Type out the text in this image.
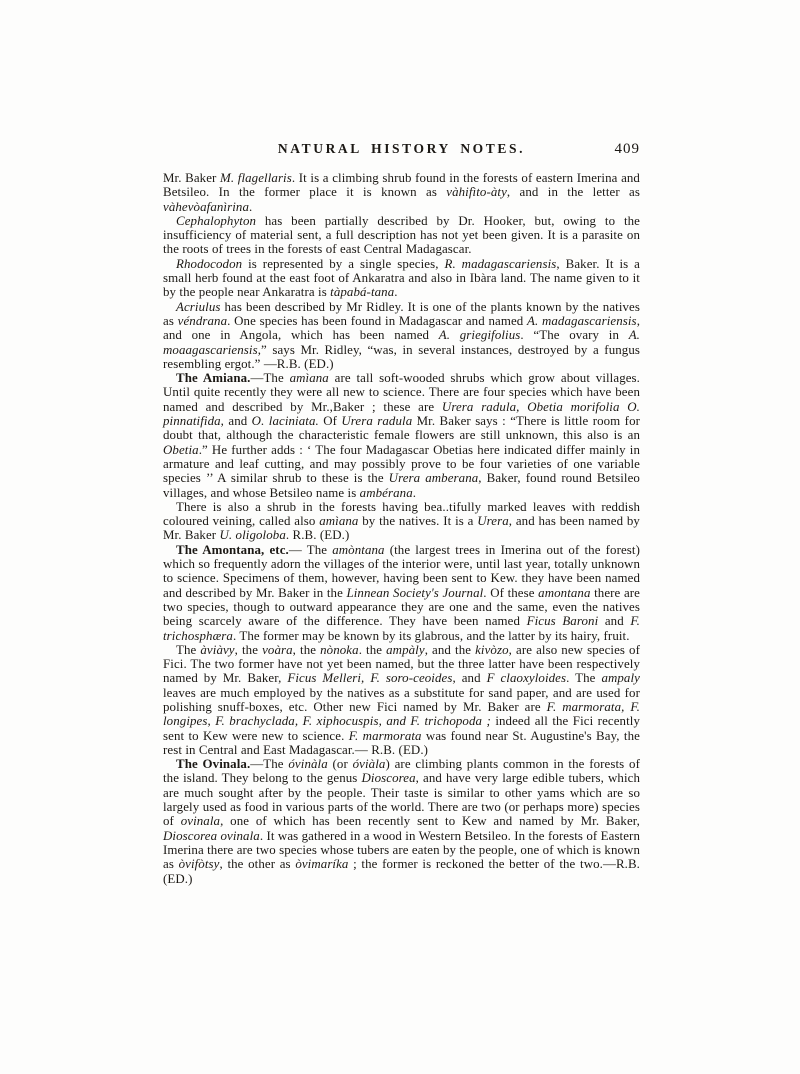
NATURAL HISTORY NOTES.	409

Mr. Baker M. flagellaris. It is a climbing shrub found in the forests of eastern Imerina and Betsileo. In the former place it is known as vàhifìto-àty, and in the letter as vàhevòafanìrina.

Cephalophyton has been partially described by Dr. Hooker, but, owing to the insufficiency of material sent, a full description has not yet been given. It is a parasite on the roots of trees in the forests of east Central Madagascar.

Rhodocodon is represented by a single species, R. madagascariensis, Baker. It is a small herb found at the east foot of Ankaratra and also in Ibàra land. The name given to it by the people near Ankaratra is tàpabá-tana.

Acriulus has been described by Mr Ridley. It is one of the plants known by the natives as véndrana. One species has been found in Madagascar and named A. madagascariensis, and one in Angola, which has been named A. griegifolius. “The ovary in A. moaagascariensis,” says Mr. Ridley, “was, in several instances, destroyed by a fungus resembling ergot.” —R.B. (ED.)

The Amiana.—The amìana are tall soft-wooded shrubs which grow about villages. Until quite recently they were all new to science. There are four species which have been named and described by Mr.,Baker ; these are Urera radula, Obetia morifolia O. pinnatifida, and O. laciniata. Of Urera radula Mr. Baker says : “There is little room for doubt that, although the characteristic female flowers are still unknown, this also is an Obetia.” He further adds : ‘ The four Madagascar Obetias here indicated differ mainly in armature and leaf cutting, and may possibly prove to be four varieties of one variable species ’’ A similar shrub to these is the Urera amberana, Baker, found round Betsileo villages, and whose Betsileo name is ambérana.

There is also a shrub in the forests having bea..tifully marked leaves with reddish coloured veining, called also amìana by the natives. It is a Urera, and has been named by Mr. Baker U. oligoloba. R.B. (ED.)

The Amontana, etc.— The amòntana (the largest trees in Imerina out of the forest) which so frequently adorn the villages of the interior were, until last year, totally unknown to science. Specimens of them, however, having been sent to Kew. they have been named and described by Mr. Baker in the Linnean Society's Journal. Of these amontana there are two species, though to outward appearance they are one and the same, even the natives being scarcely aware of the difference. They have been named Ficus Baroni and F. trichosphæra. The former may be known by its glabrous, and the latter by its hairy, fruit.

The àviàvy, the voàra, the nònoka. the ampàly, and the kivòzo, are also new species of Fici. The two former have not yet been named, but the three latter have been respectively named by Mr. Baker, Ficus Melleri, F. soro-ceoides, and F claoxyloides. The ampaly leaves are much employed by the natives as a substitute for sand paper, and are used for polishing snuff-boxes, etc. Other new Fici named by Mr. Baker are F. marmorata, F. longipes, F. brachyclada, F. xiphocuspis, and F. trichopoda ; indeed all the Fici recently sent to Kew were new to science. F. marmorata was found near St. Augustine's Bay, the rest in Central and East Madagascar.— R.B. (ED.)

The Ovinala.—The óvinàla (or óviàla) are climbing plants common in the forests of the island. They belong to the genus Dioscorea, and have very large edible tubers, which are much sought after by the people. Their taste is similar to other yams which are so largely used as food in various parts of the world. There are two (or perhaps more) species of ovinala, one of which has been recently sent to Kew and named by Mr. Baker, Dioscorea ovinala. It was gathered in a wood in Western Betsileo. In the forests of Eastern Imerina there are two species whose tubers are eaten by the people, one of which is known as òvifòtsy, the other as òvimaríka ; the former is reckoned the better of the two.—R.B. (ED.)
